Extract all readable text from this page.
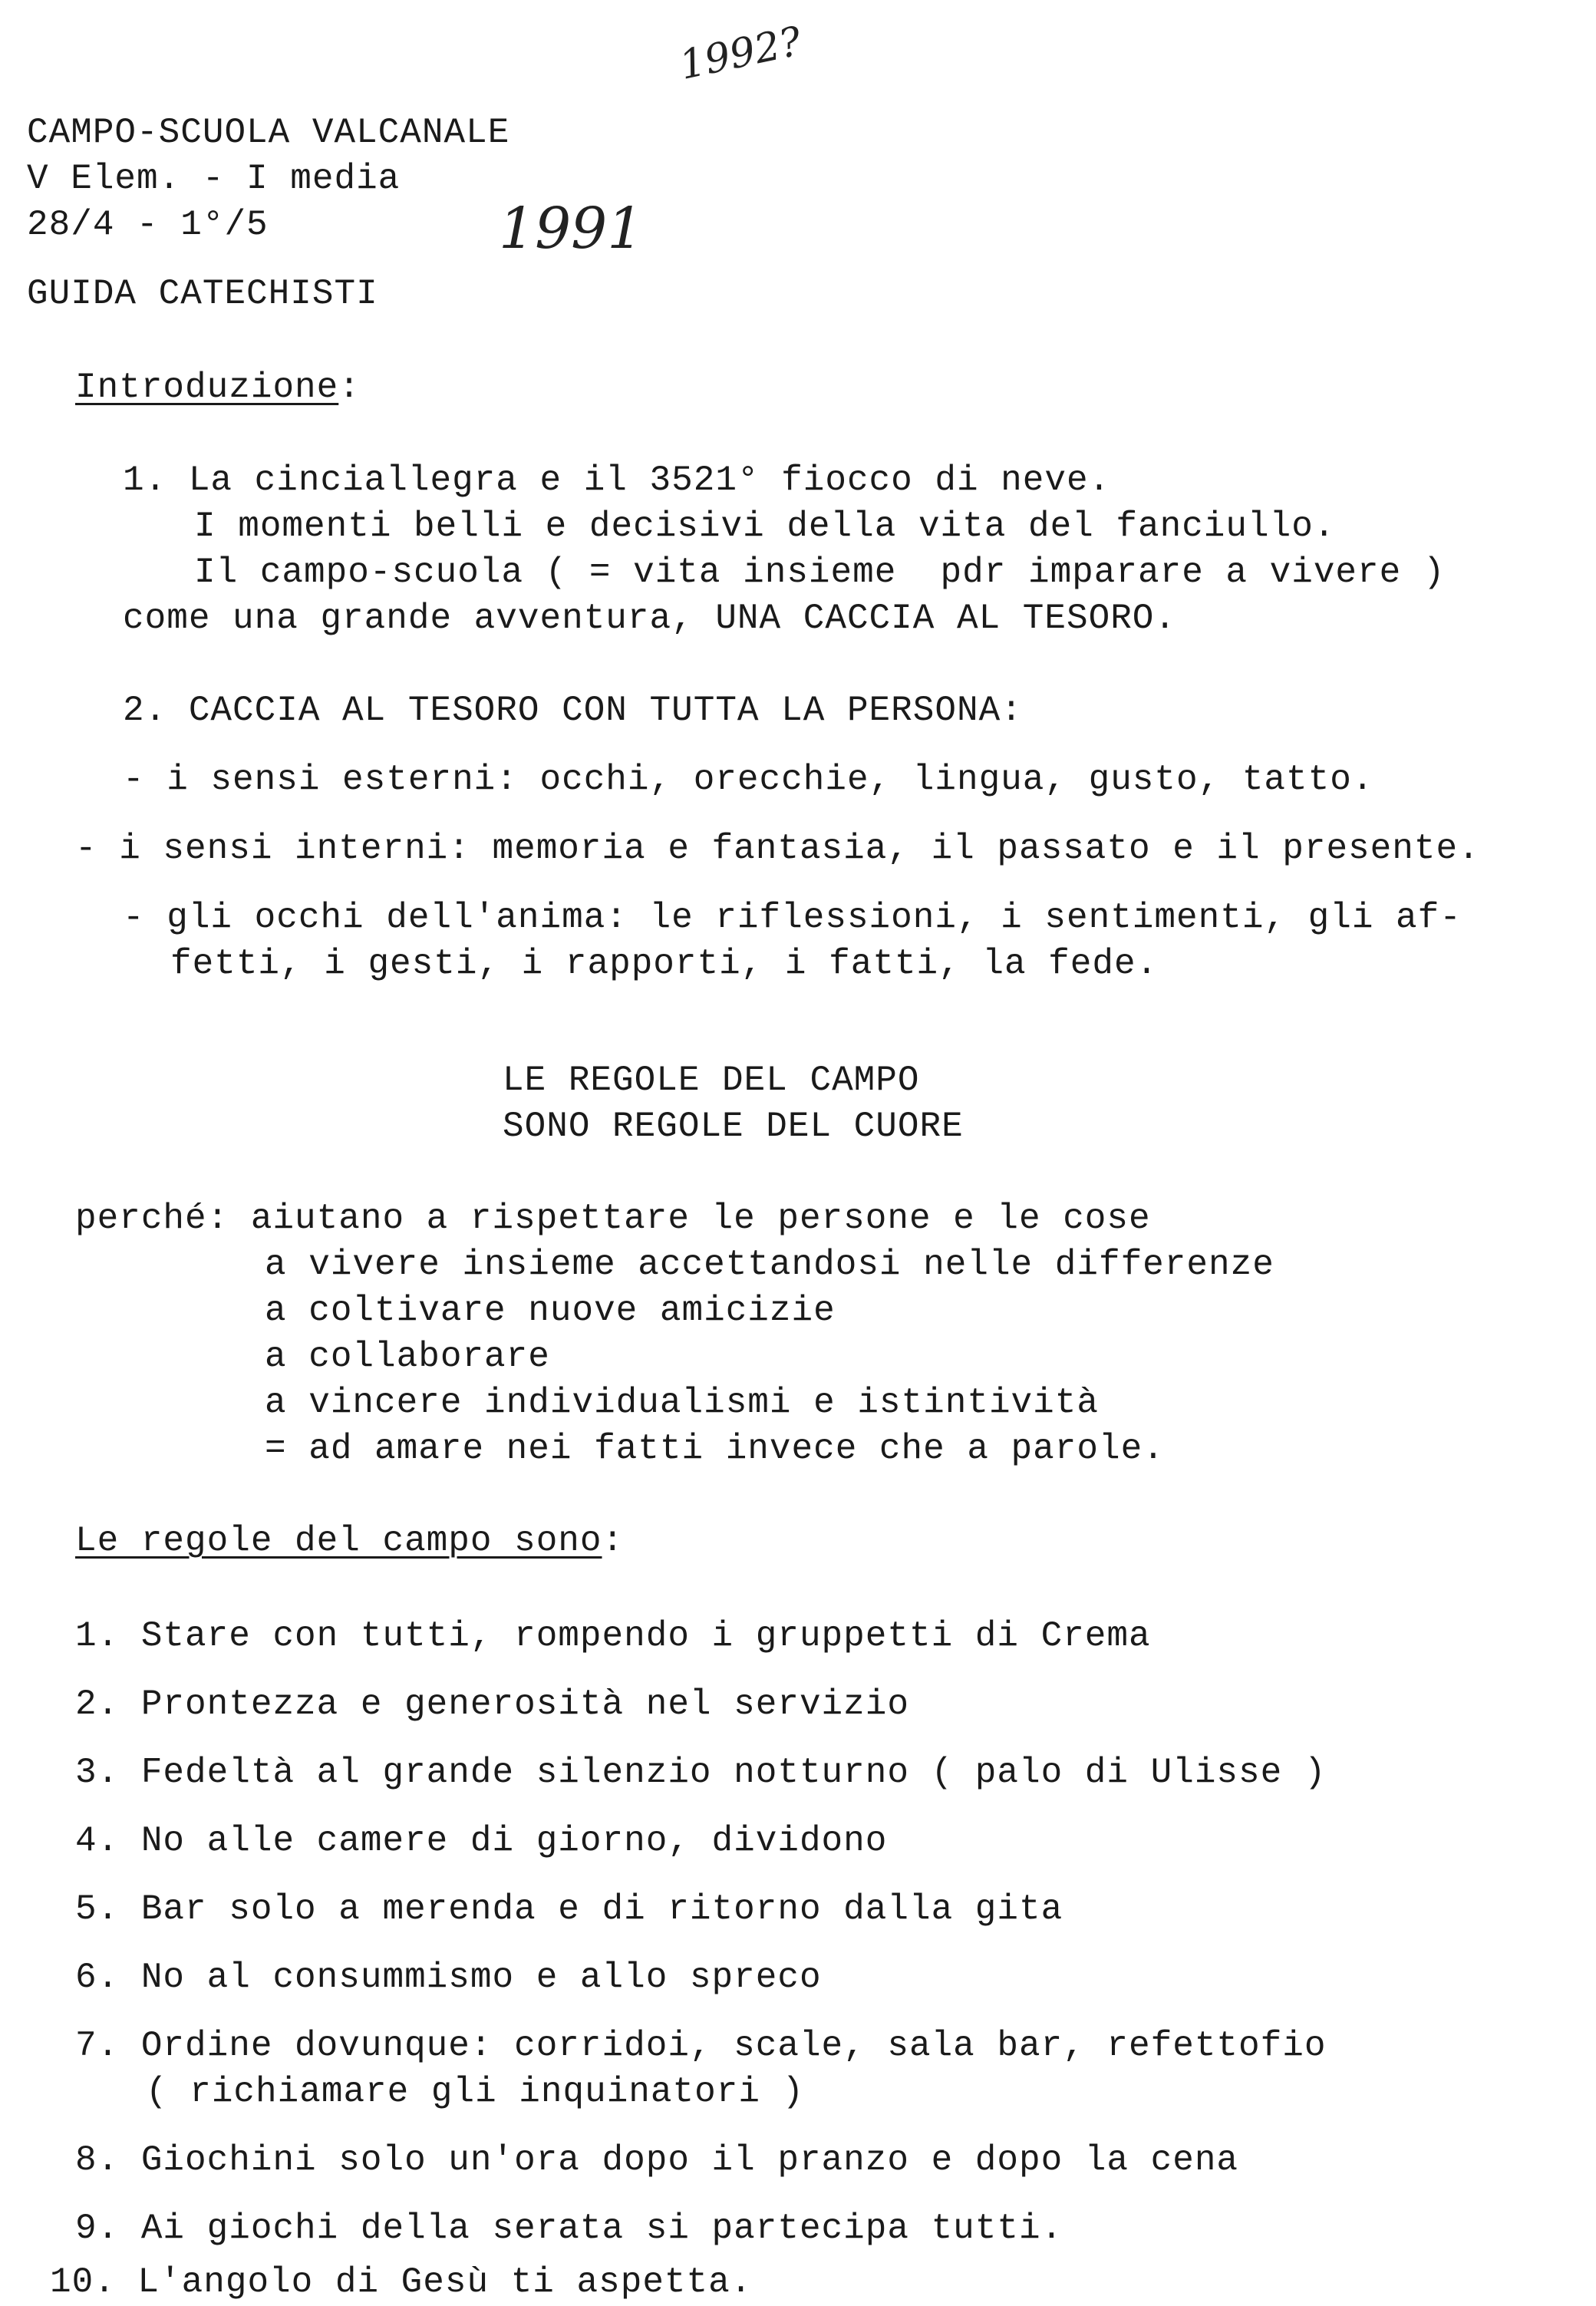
1992?
1991
CAMPO-SCUOLA VALCANALE
V Elem. - I media
28/4 - 1°/5
GUIDA CATECHISTI
Introduzione:
1. La cinciallegra e il 3521° fiocco di neve.
I momenti belli e decisivi della vita del fanciullo.
Il campo-scuola ( = vita insieme  pdr imparare a vivere )
come una grande avventura, UNA CACCIA AL TESORO.
2. CACCIA AL TESORO CON TUTTA LA PERSONA:
- i sensi esterni: occhi, orecchie, lingua, gusto, tatto.
- i sensi interni: memoria e fantasia, il passato e il presente.
- gli occhi dell'anima: le riflessioni, i sentimenti, gli af-
fetti, i gesti, i rapporti, i fatti, la fede.
LE REGOLE DEL CAMPO
SONO REGOLE DEL CUORE
perché: aiutano a rispettare le persone e le cose
a vivere insieme accettandosi nelle differenze
a coltivare nuove amicizie
a collaborare
a vincere individualismi e istintività
= ad amare nei fatti invece che a parole.
Le regole del campo sono:
1. Stare con tutti, rompendo i gruppetti di Crema
2. Prontezza e generosità nel servizio
3. Fedeltà al grande silenzio notturno ( palo di Ulisse )
4. No alle camere di giorno, dividono
5. Bar solo a merenda e di ritorno dalla gita
6. No al consummismo e allo spreco
7. Ordine dovunque: corridoi, scale, sala bar, refettofio
( richiamare gli inquinatori )
8. Giochini solo un'ora dopo il pranzo e dopo la cena
9. Ai giochi della serata si partecipa tutti.
10. L'angolo di Gesù ti aspetta.
